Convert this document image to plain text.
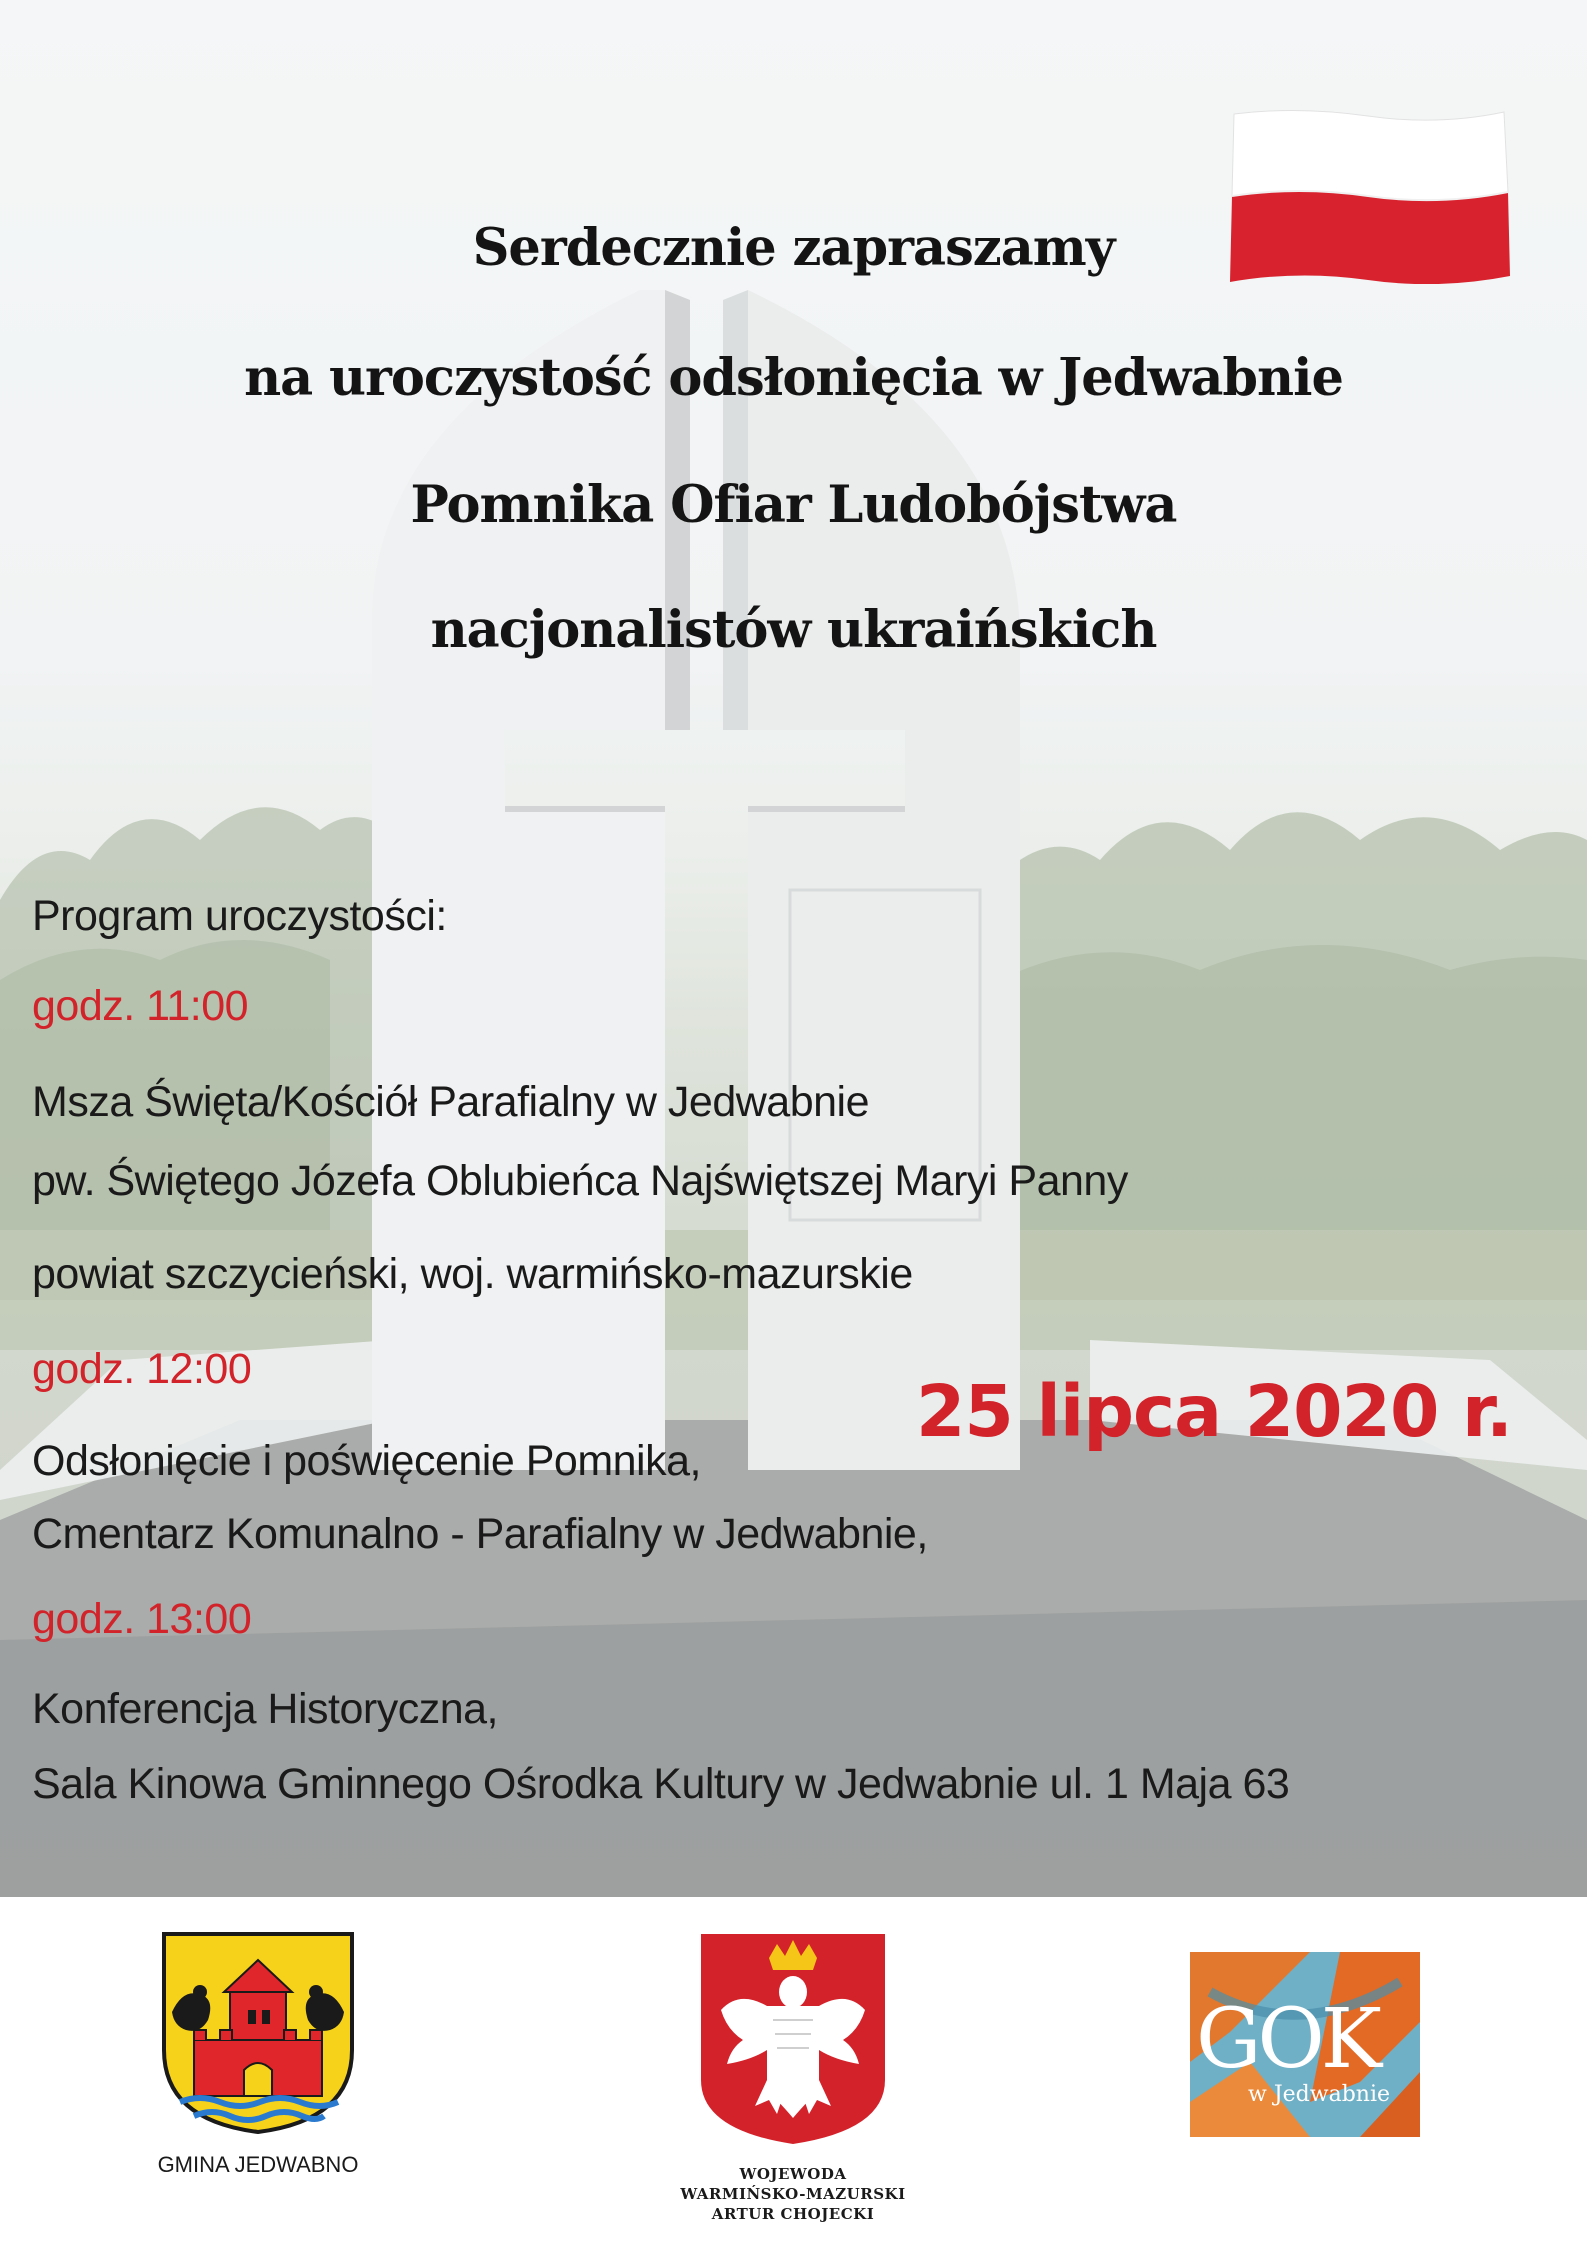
Serdecznie zapraszamy
na uroczystość odsłonięcia w Jedwabnie
Pomnika Ofiar Ludobójstwa
nacjonalistów ukraińskich
Program uroczystości:
godz. 11:00
Msza Święta/Kościół Parafialny w Jedwabnie
pw. Świętego Józefa Oblubieńca Najświętszej Maryi Panny
powiat szczycieński, woj. warmińsko-mazurskie
godz. 12:00
Odsłonięcie i poświęcenie Pomnika,
Cmentarz Komunalno - Parafialny w Jedwabnie,
godz. 13:00
Konferencja Historyczna,
Sala Kinowa Gminnego Ośrodka Kultury w Jedwabnie ul. 1 Maja 63
25 lipca 2020 r.
GMINA JEDWABNO	WOJEWODA
WARMIŃSKO-MAZURSKI
ARTUR CHOJECKI
GOK
w Jedwabnie
